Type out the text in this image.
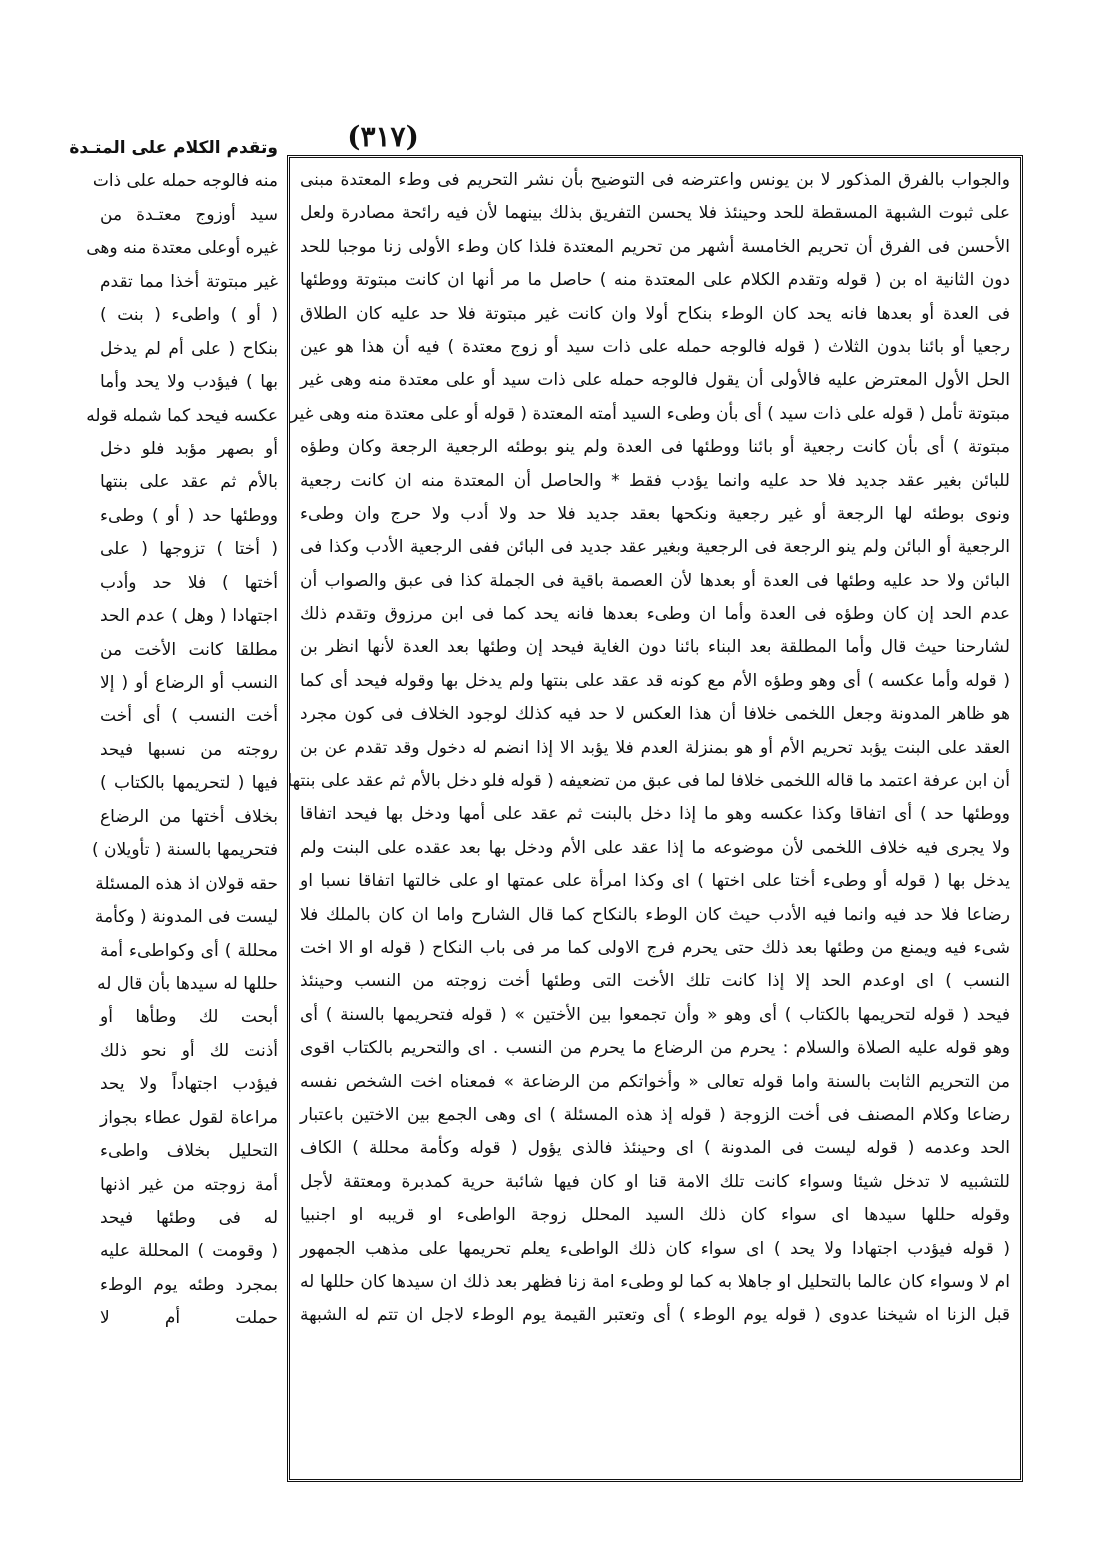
(٣١٧)
وتقدم الكلام على المتـدة
منه فالوجه حمله على ذات
سيد أوزوج معتـدة من
غيره أوعلى معتدة منه وهى
غير مبتوتة أخذا مما تقدم
( أو ) واطىء ( بنت )
بنكاح ( على أم لم يدخل
بها ) فيؤدب ولا يحد وأما
عكسه فيحد كما شمله قوله
أو بصهر مؤبد فلو دخل
بالأم ثم عقد على بنتها
ووطئها حد ( أو ) وطىء
( أختا ) تزوجها ( على
أختها ) فلا حد وأدب
اجتهادا ( وهل ) عدم الحد
مطلقا كانت الأخت من
النسب أو الرضاع أو ( إلا
أخت النسب ) أى أخت
روجته من نسبها فيحد
فيها ( لتحريمها بالكتاب )
بخلاف أختها من الرضاع
فتحريمها بالسنة ( تأويلان )
حقه قولان اذ هذه المسئلة
ليست فى المدونة ( وكأمة
محللة ) أى وكواطىء أمة
حللها له سيدها بأن قال له
أبحت لك وطأها أو
أذنت لك أو نحو ذلك
فيؤدب اجتهاداً ولا يحد
مراعاة لقول عطاء بجواز
التحليل بخلاف واطىء
أمة زوجته من غير اذنها
له فى وطئها فيحد
( وقومت ) المحللة عليه
بمجرد وطئه يوم الوطء
حملت أم لا
والجواب بالفرق المذكور لا بن يونس واعترضه فى التوضيح بأن نشر التحريم فى وطء المعتدة مبنى
على ثبوت الشبهة المسقطة للحد وحينئذ فلا يحسن التفريق بذلك بينهما لأن فيه رائحة مصادرة ولعل
الأحسن فى الفرق أن تحريم الخامسة أشهر من تحريم المعتدة فلذا كان وطء الأولى زنا موجبا للحد
دون الثانية اه بن ( قوله وتقدم الكلام على المعتدة منه ) حاصل ما مر أنها ان كانت مبتوتة ووطئها
فى العدة أو بعدها فانه يحد كان الوطء بنكاح أولا وان كانت غير مبتوتة فلا حد عليه كان الطلاق
رجعيا أو بائنا بدون الثلاث ( قوله فالوجه حمله على ذات سيد أو زوج معتدة ) فيه أن هذا هو عين
الحل الأول المعترض عليه فالأولى أن يقول فالوجه حمله على ذات سيد أو على معتدة منه وهى غير
مبتوتة تأمل ( قوله على ذات سيد ) أى بأن وطىء السيد أمته المعتدة ( قوله أو على معتدة منه وهى غير
مبتوتة ) أى بأن كانت رجعية أو بائنا ووطئها فى العدة ولم ينو بوطئه الرجعية الرجعة وكان وطؤه
للبائن بغير عقد جديد فلا حد عليه وانما يؤدب فقط * والحاصل أن المعتدة منه ان كانت رجعية
ونوى بوطئه لها الرجعة أو غير رجعية ونكحها بعقد جديد فلا حد ولا أدب ولا حرج وان وطىء
الرجعية أو البائن ولم ينو الرجعة فى الرجعية وبغير عقد جديد فى البائن ففى الرجعية الأدب وكذا فى
البائن ولا حد عليه وطئها فى العدة أو بعدها لأن العصمة باقية فى الجملة كذا فى عبق والصواب أن
عدم الحد إن كان وطؤه فى العدة وأما ان وطىء بعدها فانه يحد كما فى ابن مرزوق وتقدم ذلك
لشارحنا حيث قال وأما المطلقة بعد البناء بائنا دون الغاية فيحد إن وطئها بعد العدة لأنها انظر بن
( قوله وأما عكسه ) أى وهو وطؤه الأم مع كونه قد عقد على بنتها ولم يدخل بها وقوله فيحد أى كما
هو ظاهر المدونة وجعل اللخمى خلافا أن هذا العكس لا حد فيه كذلك لوجود الخلاف فى كون مجرد
العقد على البنت يؤبد تحريم الأم أو هو بمنزلة العدم فلا يؤبد الا إذا انضم له دخول وقد تقدم عن بن
أن ابن عرفة اعتمد ما قاله اللخمى خلافا لما فى عبق من تضعيفه ( قوله فلو دخل بالأم ثم عقد على بنتها
ووطئها حد ) أى اتفاقا وكذا عكسه وهو ما إذا دخل بالبنت ثم عقد على أمها ودخل بها فيحد اتفاقا
ولا يجرى فيه خلاف اللخمى لأن موضوعه ما إذا عقد على الأم ودخل بها بعد عقده على البنت ولم
يدخل بها ( قوله أو وطىء أختا على اختها ) اى وكذا امرأة على عمتها او على خالتها اتفاقا نسبا او
رضاعا فلا حد فيه وانما فيه الأدب حيث كان الوطء بالنكاح كما قال الشارح واما ان كان بالملك فلا
شىء فيه ويمنع من وطئها بعد ذلك حتى يحرم فرج الاولى كما مر فى باب النكاح ( قوله او الا اخت
النسب ) اى اوعدم الحد إلا إذا كانت تلك الأخت التى وطئها أخت زوجته من النسب وحينئذ
فيحد ( قوله لتحريمها بالكتاب ) أى وهو « وأن تجمعوا بين الأختين » ( قوله فتحريمها بالسنة ) أى
وهو قوله عليه الصلاة والسلام : يحرم من الرضاع ما يحرم من النسب . اى والتحريم بالكتاب اقوى
من التحريم الثابت بالسنة واما قوله تعالى « وأخواتكم من الرضاعة » فمعناه اخت الشخص نفسه
رضاعا وكلام المصنف فى أخت الزوجة ( قوله إذ هذه المسئلة ) اى وهى الجمع بين الاختين باعتبار
الحد وعدمه ( قوله ليست فى المدونة ) اى وحينئذ فالذى يؤول ( قوله وكأمة محللة ) الكاف
للتشبيه لا تدخل شيئا وسواء كانت تلك الامة قنا او كان فيها شائبة حرية كمدبرة ومعتقة لأجل
وقوله حللها سيدها اى سواء كان ذلك السيد المحلل زوجة الواطىء او قريبه او اجنبيا
( قوله فيؤدب اجتهادا ولا يحد ) اى سواء كان ذلك الواطىء يعلم تحريمها على مذهب الجمهور
ام لا وسواء كان عالما بالتحليل او جاهلا به كما لو وطىء امة زنا فظهر بعد ذلك ان سيدها كان حللها له
قبل الزنا اه شيخنا عدوى ( قوله يوم الوطء ) أى وتعتبر القيمة يوم الوطء لاجل ان تتم له الشبهة
